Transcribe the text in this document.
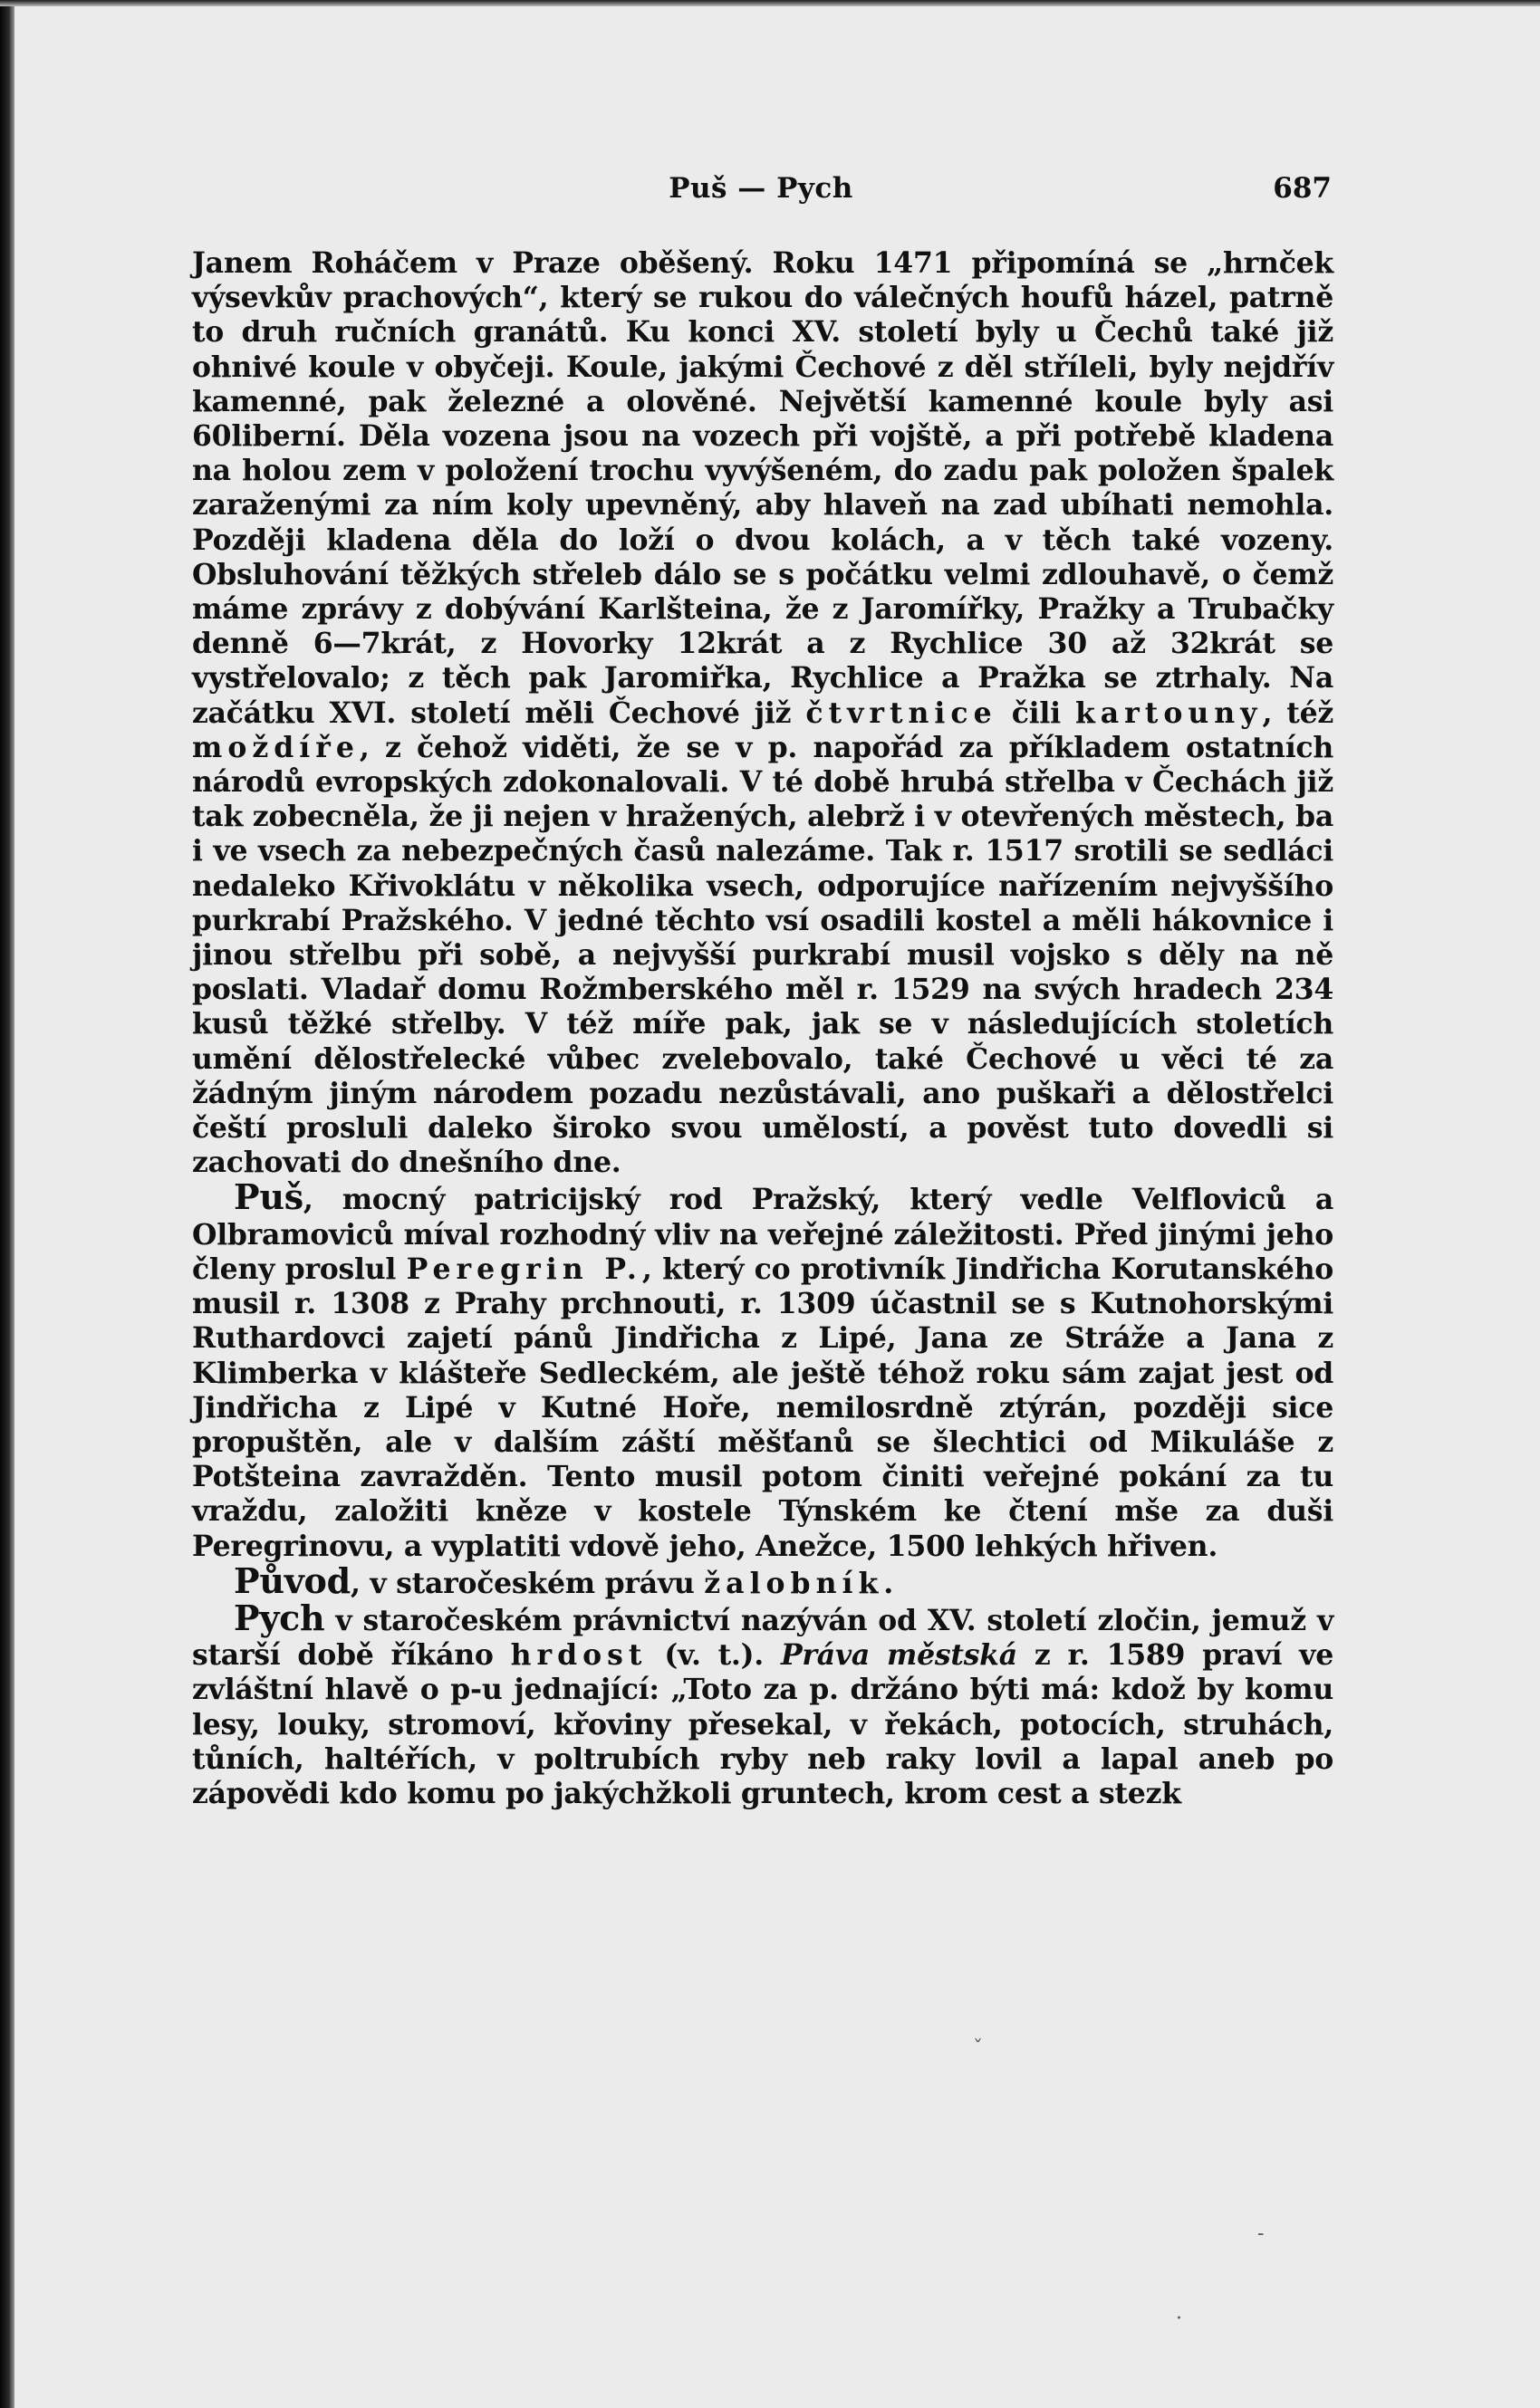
Puš — Pych	687

Janem Roháčem v Praze oběšený. Roku 1471 připomíná se „hrnček výsevkův prachových“, který se rukou do válečných houfů házel, patrně to druh ručních granátů. Ku konci XV. století byly u Čechů také již ohnivé koule v obyčeji. Koule, jakými Čechové z děl stříleli, byly nejdřív kamenné, pak železné a olověné. Největší kamenné koule byly asi 60liberní. Děla vozena jsou na vozech při vojště, a při potřebě kladena na holou zem v položení trochu vyvýšeném, do zadu pak položen špalek zaraženými za ním koly upevněný, aby hlaveň na zad ubíhati nemohla. Později kladena děla do loží o dvou kolách, a v těch také vozeny. Obsluhování těžkých střeleb dálo se s počátku velmi zdlouhavě, o čemž máme zprávy z dobývání Karlšteina, že z Jaromířky, Pražky a Trubačky denně 6—7krát, z Hovorky 12krát a z Rychlice 30 až 32krát se vystřelovalo; z těch pak Jaromiřka, Rychlice a Pražka se ztrhaly. Na začátku XVI. století měli Čechové již čtvrtnice čili kartouny, též moždíře, z čehož viděti, že se v p. napořád za příkladem ostatních národů evropských zdokonalovali. V té době hrubá střelba v Čechách již tak zobecněla, že ji nejen v hražených, alebrž i v otevřených městech, ba i ve vsech za nebezpečných časů nalezáme. Tak r. 1517 srotili se sedláci nedaleko Křivoklátu v několika vsech, odporujíce nařízením nejvyššího purkrabí Pražského. V jedné těchto vsí osadili kostel a měli hákovnice i jinou střelbu při sobě, a nejvyšší purkrabí musil vojsko s děly na ně poslati. Vladař domu Rožmberského měl r. 1529 na svých hradech 234 kusů těžké střelby. V též míře pak, jak se v následujících stoletích umění dělostřelecké vůbec zvelebovalo, také Čechové u věci té za žádným jiným národem pozadu nezůstávali, ano puškaři a dělostřelci čeští prosluli daleko široko svou umělostí, a pověst tuto dovedli si zachovati do dnešního dne.

Puš, mocný patricijský rod Pražský, který vedle Velfloviců a Olbramoviců míval rozhodný vliv na veřejné záležitosti. Před jinými jeho členy proslul Peregrin P., který co protivník Jindřicha Korutanského musil r. 1308 z Prahy prchnouti, r. 1309 účastnil se s Kutnohorskými Ruthardovci zajetí pánů Jindřicha z Lipé, Jana ze Stráže a Jana z Klimberka v klášteře Sedleckém, ale ještě téhož roku sám zajat jest od Jindřicha z Lipé v Kutné Hoře, nemilosrdně ztýrán, později sice propuštěn, ale v dalším záští měšťanů se šlechtici od Mikuláše z Potšteina zavražděn. Tento musil potom činiti veřejné pokání za tu vraždu, založiti kněze v kostele Týnském ke čtení mše za duši Peregrinovu, a vyplatiti vdově jeho, Anežce, 1500 lehkých hřiven.

Původ, v staročeském právu žalobník.

Pych v staročeském právnictví nazýván od XV. století zločin, jemuž v starší době říkáno hrdost (v. t.). Práva městská z r. 1589 praví ve zvláštní hlavě o p-u jednající: „Toto za p. držáno býti má: kdož by komu lesy, louky, stromoví, křoviny přesekal, v řekách, potocích, struhách, tůních, haltéřích, v poltrubích ryby neb raky lovil a lapal aneb po zápovědi kdo komu po jakýchžkoli gruntech, krom cest a stezk

ˇ
-
·
